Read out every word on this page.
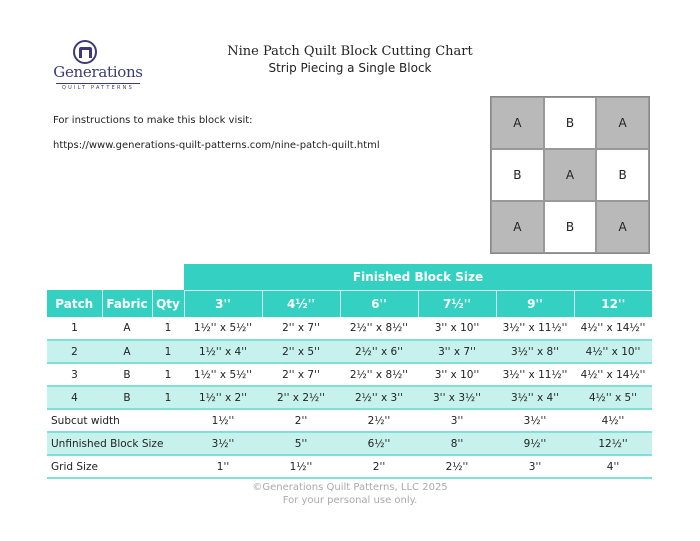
Generations
QUILT PATTERNS
Nine Patch Quilt Block Cutting Chart
Strip Piecing a Single Block
For instructions to make this block visit:
https://www.generations-quilt-patterns.com/nine-patch-quilt.html
A	B	A
B	A	B
A	B	A
			Finished Block Size					
Patch	Fabric	Qty	3''	4½''	6''	7½''	9''	12''
1	A	1	1½'' x 5½''	2'' x 7''	2½'' x 8½''	3'' x 10''	3½'' x 11½''	4½'' x 14½''
2	A	1	1½'' x 4''	2'' x 5''	2½'' x 6''	3'' x 7''	3½'' x 8''	4½'' x 10''
3	B	1	1½'' x 5½''	2'' x 7''	2½'' x 8½''	3'' x 10''	3½'' x 11½''	4½'' x 14½''
4	B	1	1½'' x 2''	2'' x 2½''	2½'' x 3''	3'' x 3½''	3½'' x 4''	4½'' x 5''
Subcut width			1½''	2''	2½''	3''	3½''	4½''
Unfinished Block Size			3½''	5''	6½''	8''	9½''	12½''
Grid Size			1''	1½''	2''	2½''	3''	4''
©Generations Quilt Patterns, LLC 2025
For your personal use only.
